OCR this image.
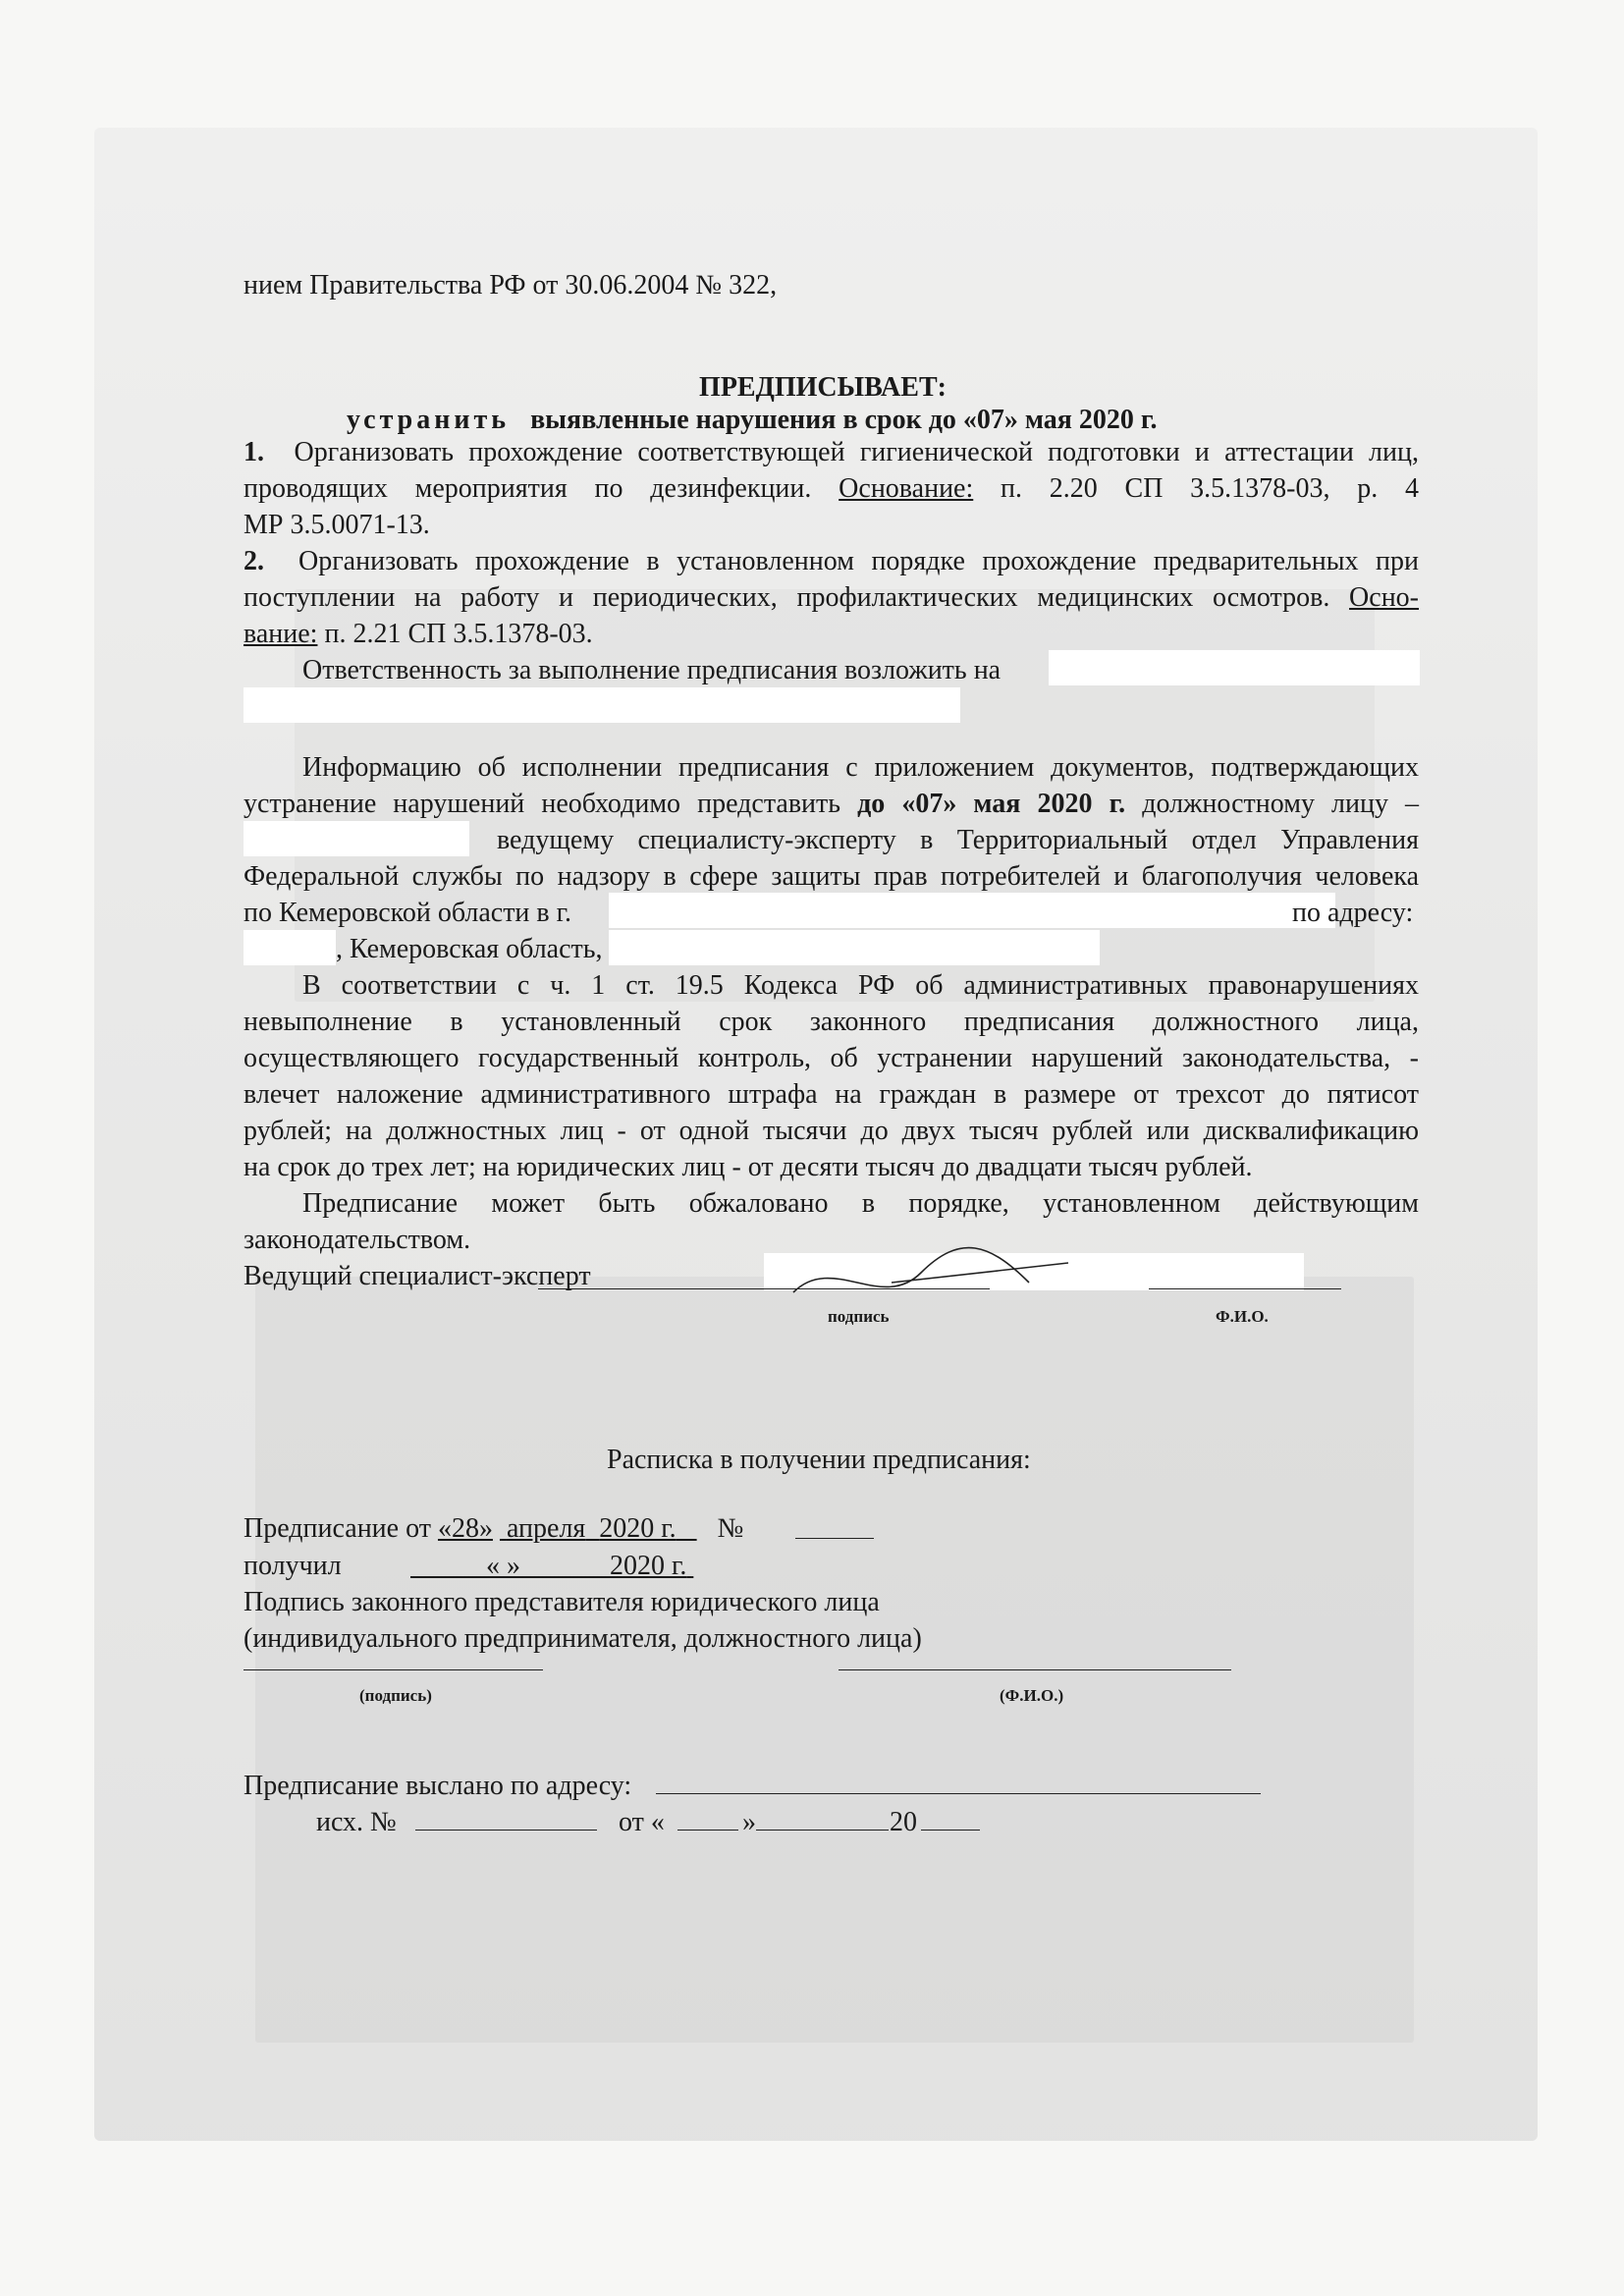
нием Правительства РФ от 30.06.2004 № 322,
ПРЕДПИСЫВАЕТ:
устранить выявленные нарушения в срок до «07» мая 2020 г.
1. Организовать прохождение соответствующей гигиенической подготовки и аттестации лиц,
проводящих мероприятия по дезинфекции. Основание: п. 2.20 СП 3.5.1378-03, р. 4
МР 3.5.0071-13.
2. Организовать прохождение в установленном порядке прохождение предварительных при
поступлении на работу и периодических, профилактических медицинских осмотров. Осно-
вание: п. 2.21 СП 3.5.1378-03.
Ответственность за выполнение предписания возложить на
Информацию об исполнении предписания с приложением документов, подтверждающих
устранение нарушений необходимо представить до «07» мая 2020 г. должностному лицу –
ведущему специалисту-эксперту в Территориальный отдел Управления
Федеральной службы по надзору в сфере защиты прав потребителей и благополучия человека
по Кемеровской области в г.	по адресу:
, Кемеровская область,
В соответствии с ч. 1 ст. 19.5 Кодекса РФ об административных правонарушениях
невыполнение в установленный срок законного предписания должностного лица,
осуществляющего государственный контроль, об устранении нарушений законодательства, -
влечет наложение административного штрафа на граждан в размере от трехсот до пятисот
рублей; на должностных лиц - от одной тысячи до двух тысяч рублей или дисквалификацию
на срок до трех лет; на юридических лиц - от десяти тысяч до двадцати тысяч рублей.
Предписание может быть обжаловано в порядке, установленном действующим
законодательством.
Ведущий специалист-эксперт
подпись	Ф.И.О.
Расписка в получении предписания:
Предписание от «28» апреля 2020 г. №
получил	« »	2020 г.
Подпись законного представителя юридического лица
(индивидуального предпринимателя, должностного лица)
(подпись)	(Ф.И.О.)
Предписание выслано по адресу:
исх. №	от «	»	20
